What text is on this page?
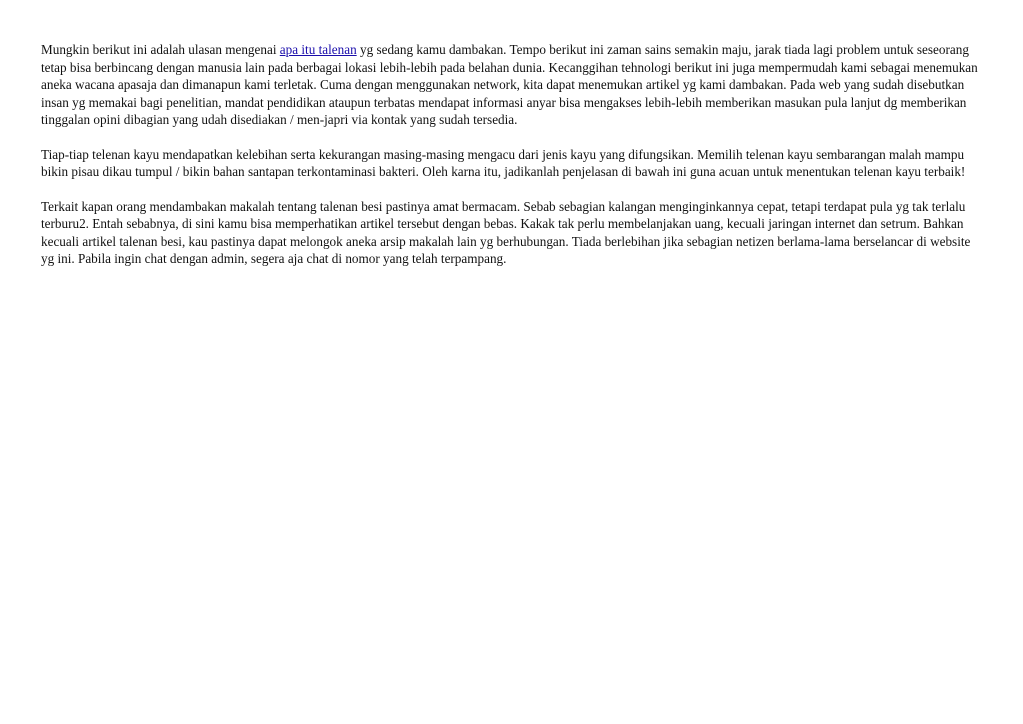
Mungkin berikut ini adalah ulasan mengenai apa itu talenan yg sedang kamu dambakan. Tempo berikut ini zaman sains semakin maju, jarak tiada lagi problem untuk seseorang tetap bisa berbincang dengan manusia lain pada berbagai lokasi lebih-lebih pada belahan dunia. Kecanggihan tehnologi berikut ini juga mempermudah kami sebagai menemukan aneka wacana apasaja dan dimanapun kami terletak. Cuma dengan menggunakan network, kita dapat menemukan artikel yg kami dambakan. Pada web yang sudah disebutkan insan yg memakai bagi penelitian, mandat pendidikan ataupun terbatas mendapat informasi anyar bisa mengakses lebih-lebih memberikan masukan pula lanjut dg memberikan tinggalan opini dibagian yang udah disediakan / men-japri via kontak yang sudah tersedia.

Tiap-tiap telenan kayu mendapatkan kelebihan serta kekurangan masing-masing mengacu dari jenis kayu yang difungsikan. Memilih telenan kayu sembarangan malah mampu bikin pisau dikau tumpul / bikin bahan santapan terkontaminasi bakteri. Oleh karna itu, jadikanlah penjelasan di bawah ini guna acuan untuk menentukan telenan kayu terbaik!

Terkait kapan orang mendambakan makalah tentang talenan besi pastinya amat bermacam. Sebab sebagian kalangan menginginkannya cepat, tetapi terdapat pula yg tak terlalu terburu2. Entah sebabnya, di sini kamu bisa memperhatikan artikel tersebut dengan bebas. Kakak tak perlu membelanjakan uang, kecuali jaringan internet dan setrum. Bahkan kecuali artikel talenan besi, kau pastinya dapat melongok aneka arsip makalah lain yg berhubungan. Tiada berlebihan jika sebagian netizen berlama-lama berselancar di website yg ini. Pabila ingin chat dengan admin, segera aja chat di nomor yang telah terpampang.
